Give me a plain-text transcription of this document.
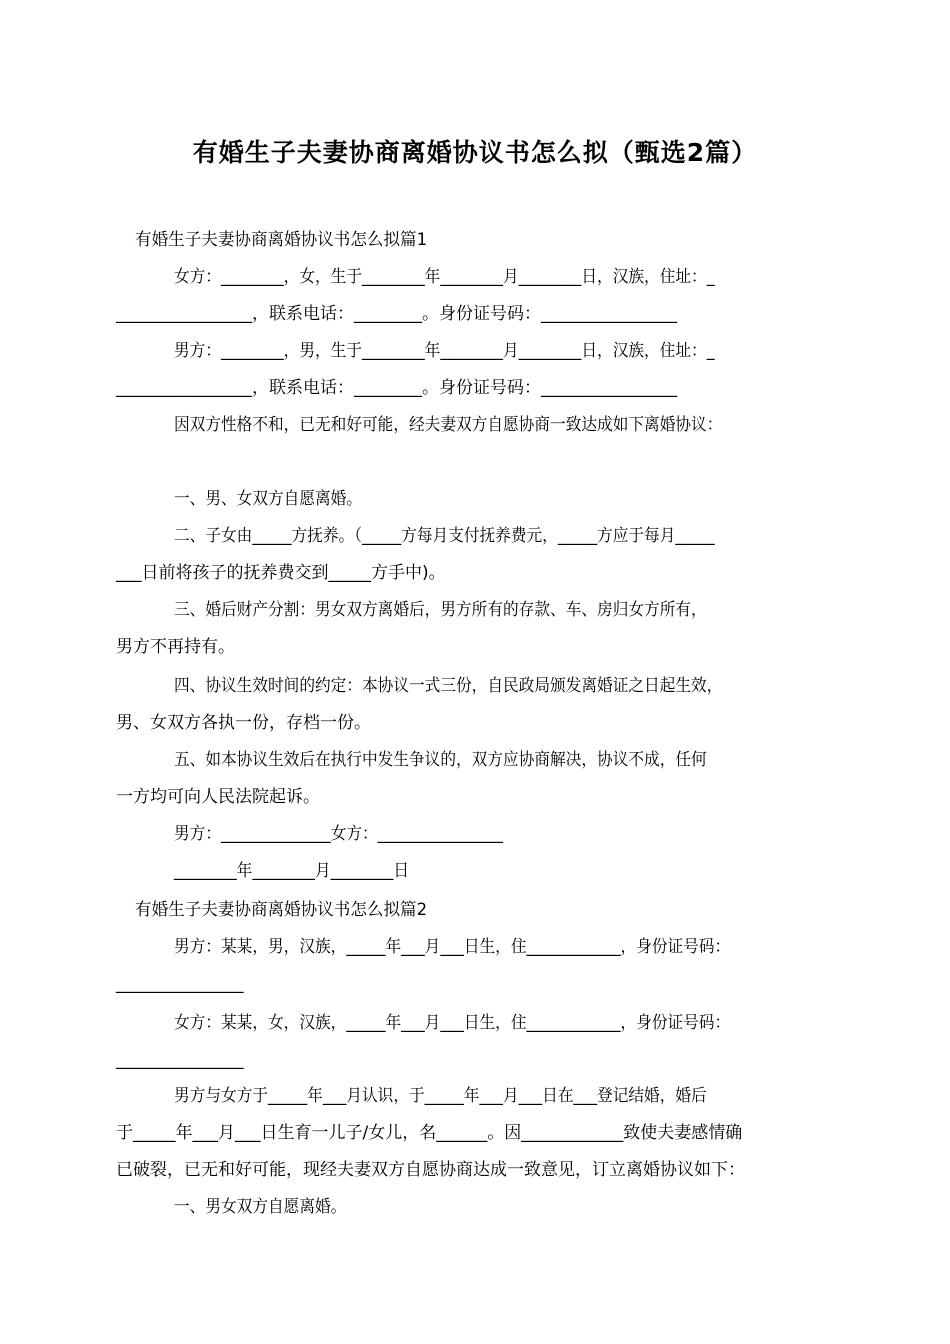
有婚生子夫妻协商离婚协议书怎么拟（甄选2篇）
有婚生子夫妻协商离婚协议书怎么拟篇1
女方：________，女，生于________年________月________日，汉族，住址：_
________________，联系电话：________。身份证号码：________________
男方：________，男，生于________年________月________日，汉族，住址：_
________________，联系电话：________。身份证号码：________________
因双方性格不和，已无和好可能，经夫妻双方自愿协商一致达成如下离婚协议：
一、男、女双方自愿离婚。
二、子女由_____方抚养。（_____方每月支付抚养费元，_____方应于每月_____
___日前将孩子的抚养费交到_____方手中)。
三、婚后财产分割：男女双方离婚后，男方所有的存款、车、房归女方所有，
男方不再持有。
四、协议生效时间的约定：本协议一式三份，自民政局颁发离婚证之日起生效，
男、女双方各执一份，存档一份。
五、如本协议生效后在执行中发生争议的，双方应协商解决，协议不成，任何
一方均可向人民法院起诉。
男方：______________女方：________________
________年________月________日
有婚生子夫妻协商离婚协议书怎么拟篇2
男方：某某，男，汉族，_____年___月___日生，住____________，身份证号码：
_______________
女方：某某，女，汉族，_____年___月___日生，住____________，身份证号码：
_______________
男方与女方于_____年___月认识，于_____年___月___日在___登记结婚，婚后
于_____年___月___日生育一儿子/女儿，名______。因____________致使夫妻感情确
已破裂，已无和好可能，现经夫妻双方自愿协商达成一致意见，订立离婚协议如下：
一、男女双方自愿离婚。
